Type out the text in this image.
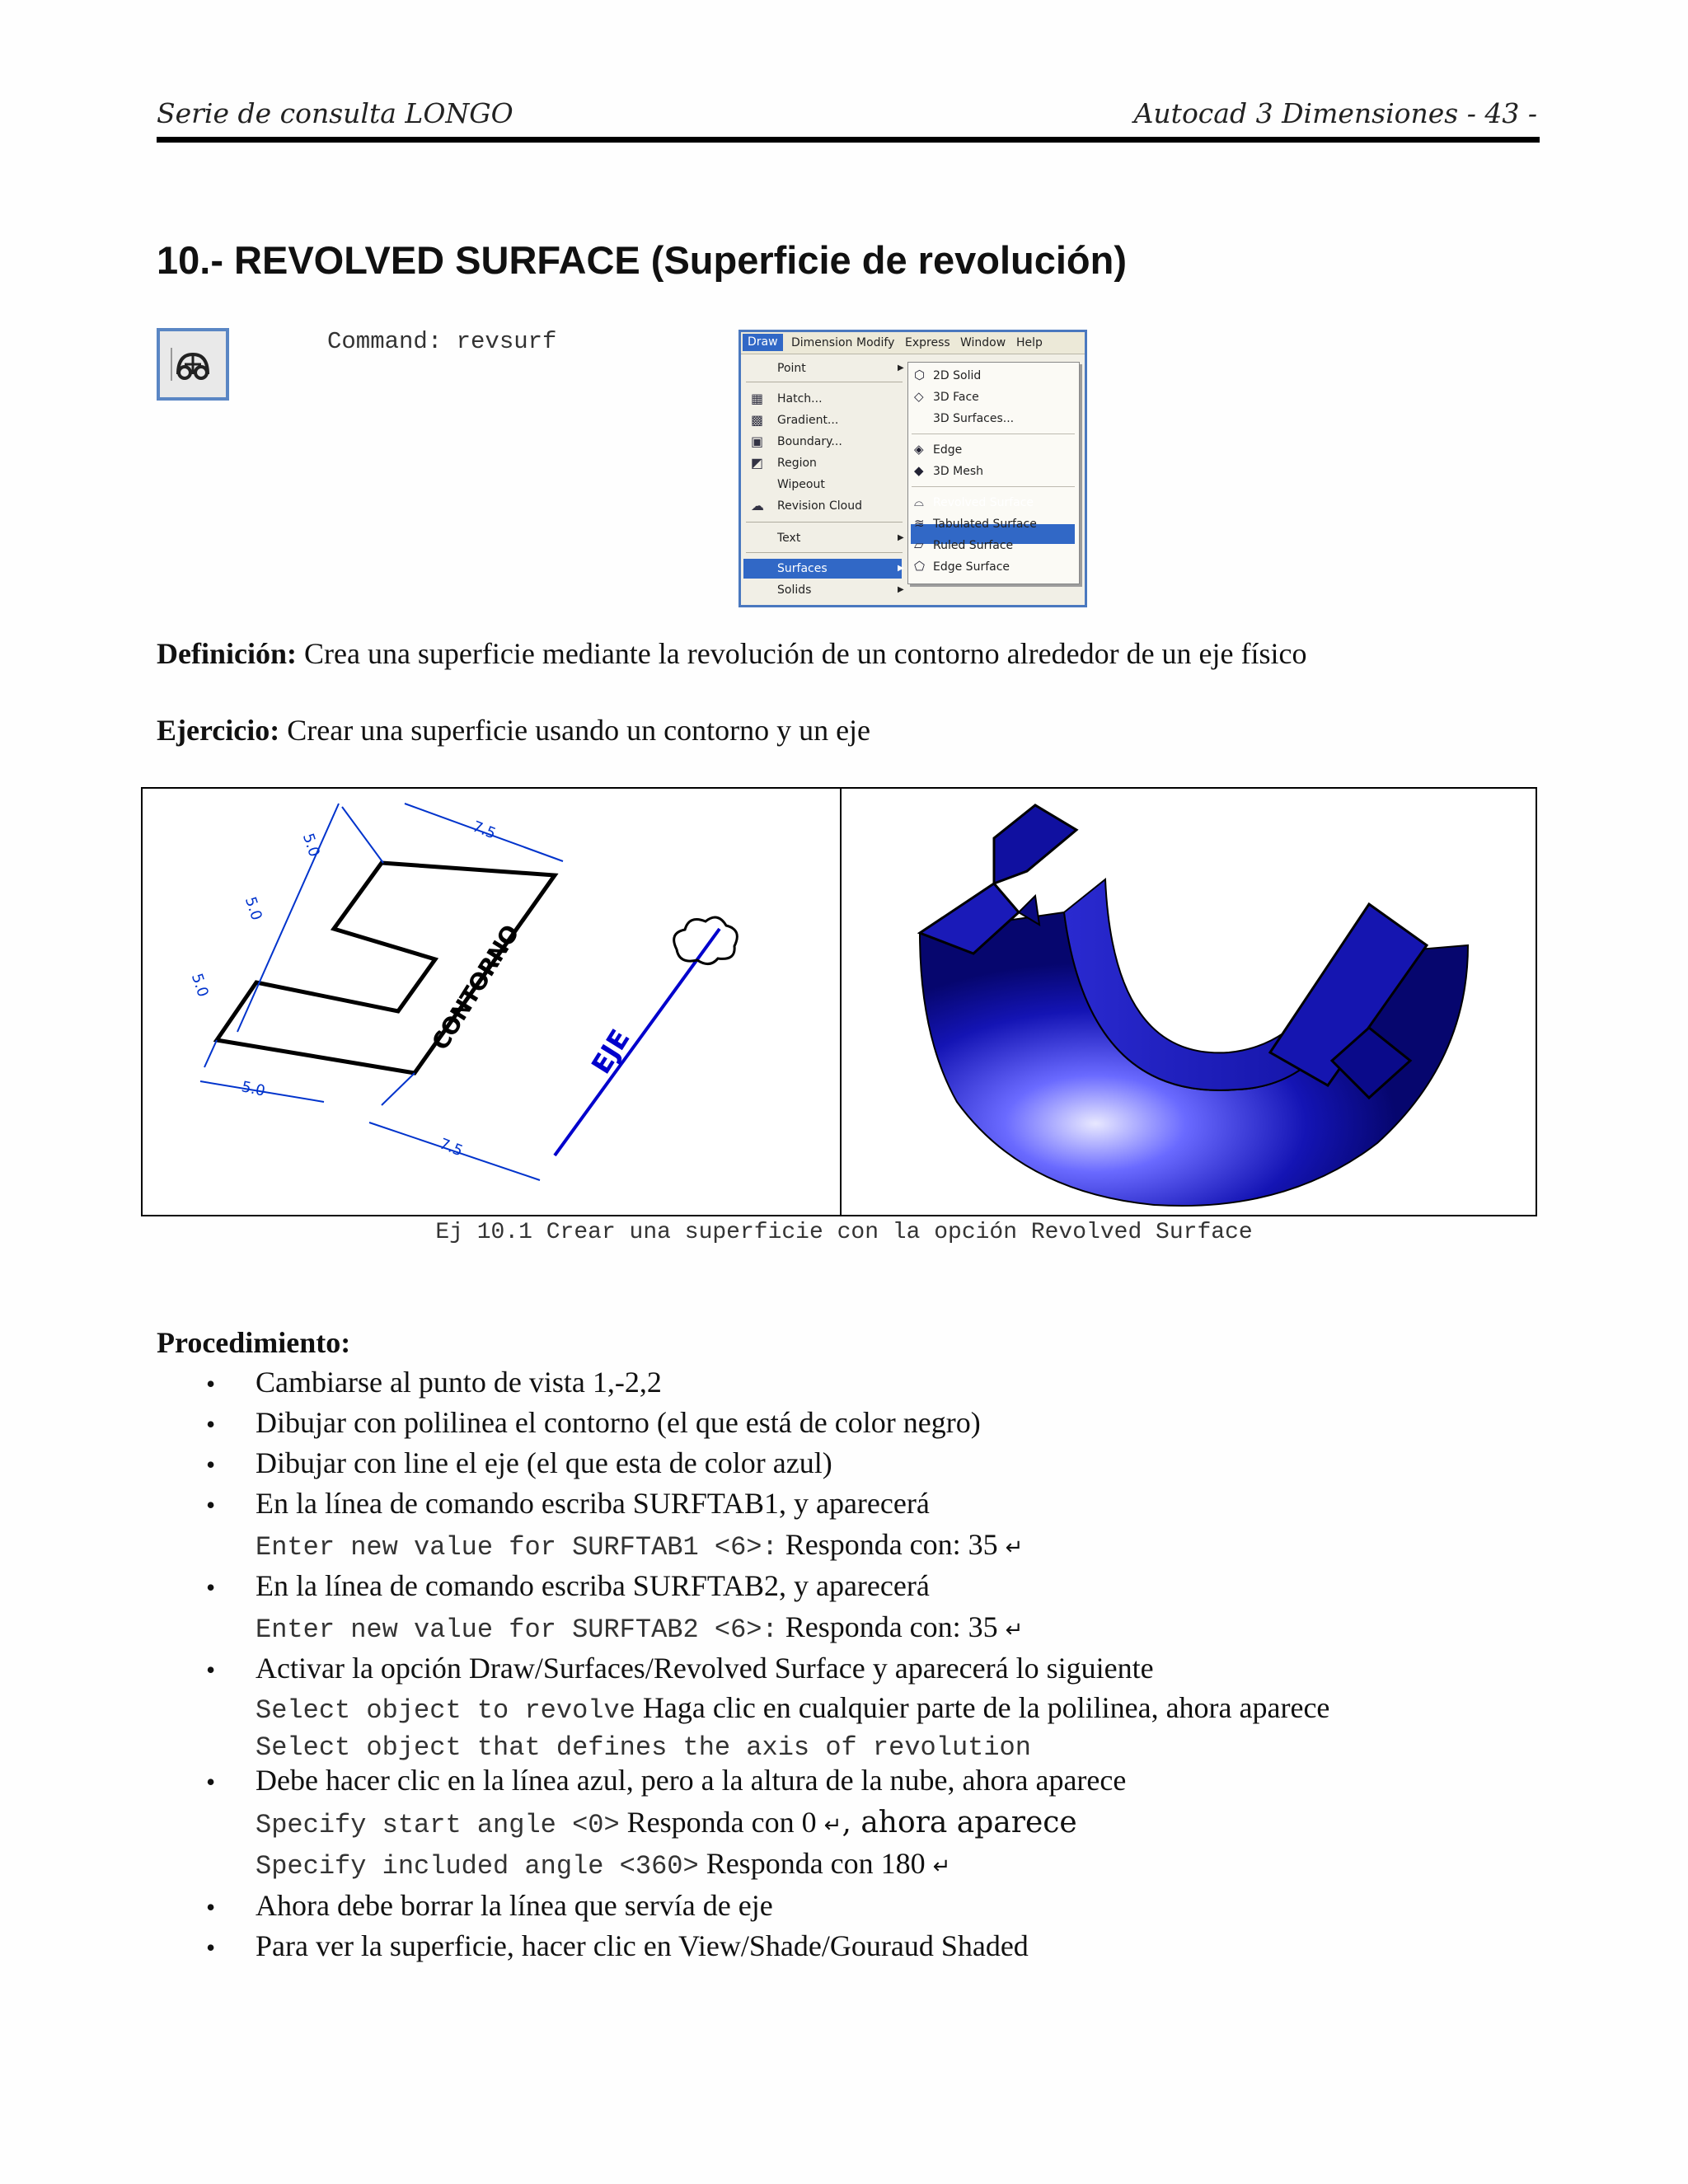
Serie de consulta LONGO	Autocad 3 Dimensiones - 43 -
10.- REVOLVED SURFACE (Superficie de revolución)
Command: revsurf	Draw	Dimension Modify Express Window Help
Point	▶
▦ Hatch...
▩ Gradient...
▣ Boundary...
◩ Region
Wipeout
☁ Revision Cloud
Text	▶
Surfaces	▶
Solids	▶
⬡ 2D Solid
◇ 3D Face
3D Surfaces...
◈ Edge
◆ 3D Mesh
⌓ Revolved Surface
≋ Tabulated Surface
▱ Ruled Surface
⬠ Edge Surface
Definición: Crea una superficie mediante la revolución de un contorno alrededor de un eje físico
Ejercicio: Crear una superficie usando un contorno y un eje
5.0
5.0
5.0
5.0
7.5
7.5
CONTORNO EJE
Ej 10.1 Crear una superficie con la opción Revolved Surface
Procedimiento:
• Cambiarse al punto de vista 1,-2,2
• Dibujar con polilinea el contorno (el que está de color negro)
• Dibujar con line el eje (el que esta de color azul)
• En la línea de comando escriba SURFTAB1, y aparecerá
Enter new value for SURFTAB1 <6>: Responda con: 35 ↵
• En la línea de comando escriba SURFTAB2, y aparecerá
Enter new value for SURFTAB2 <6>: Responda con: 35 ↵
• Activar la opción Draw/Surfaces/Revolved Surface y aparecerá lo siguiente
Select object to revolve Haga clic en cualquier parte de la polilinea, ahora aparece
Select object that defines the axis of revolution
• Debe hacer clic en la línea azul, pero a la altura de la nube, ahora aparece
Specify start angle <0> Responda con 0 ↵, ahora aparece
Specify included angle <360> Responda con 180 ↵
• Ahora debe borrar la línea que servía de eje
• Para ver la superficie, hacer clic en View/Shade/Gouraud Shaded
